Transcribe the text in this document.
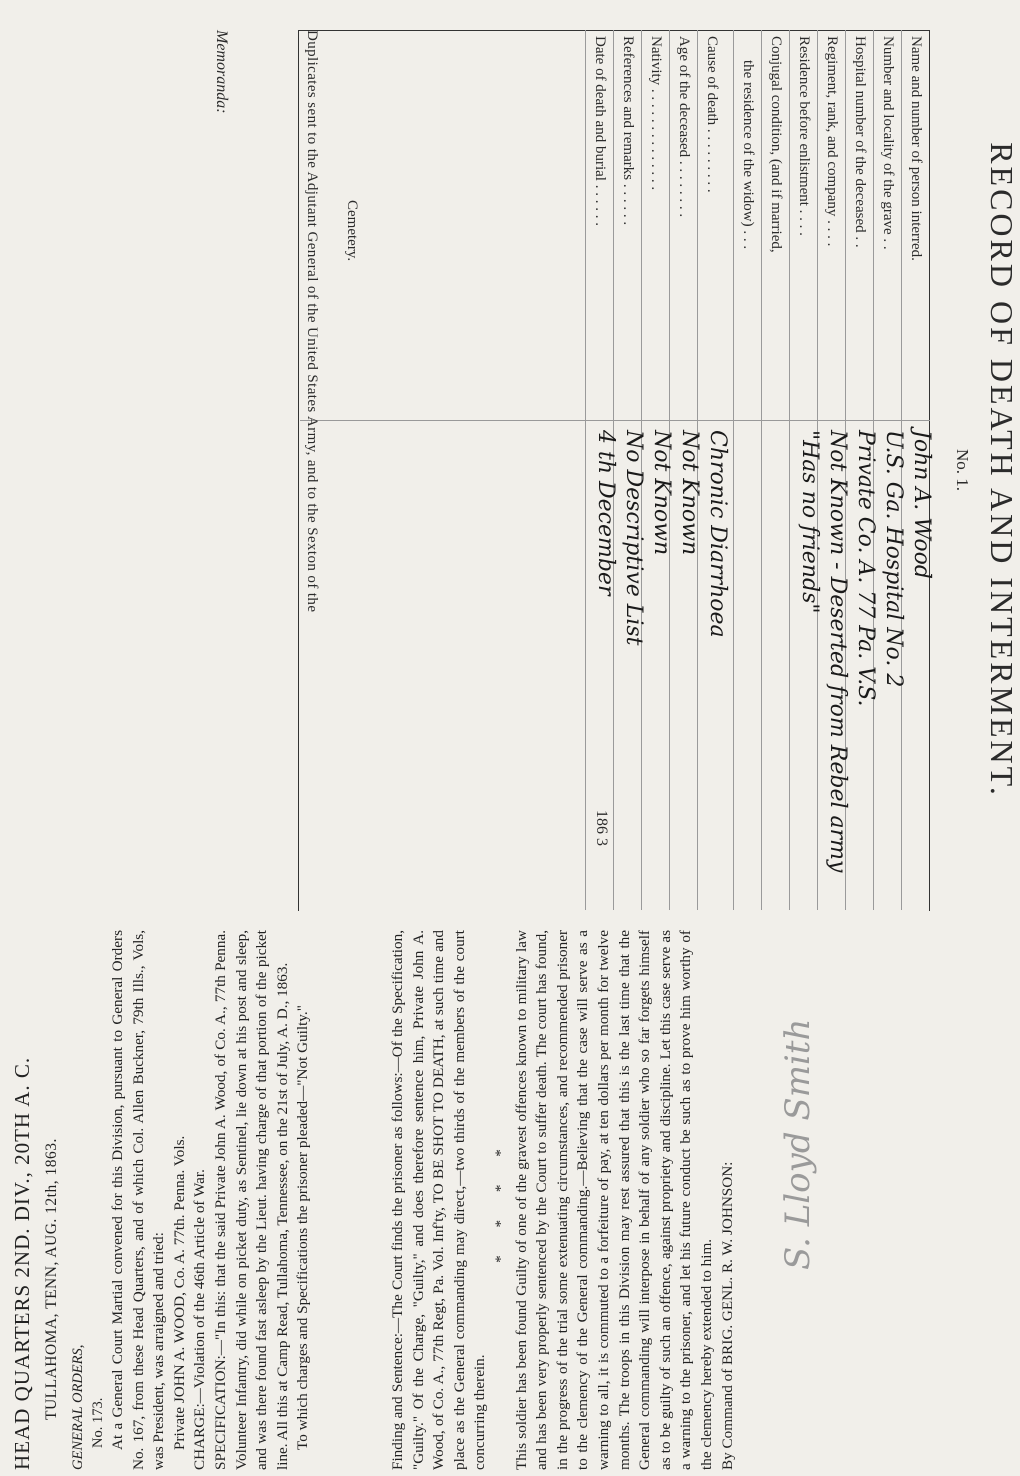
RECORD OF DEATH AND INTERMENT.
No. 1.
Name and number of person interred.
John A. Wood
Number and locality of the grave . .
U.S. Ga. Hospital No. 2
Hospital number of the deceased . .
Private Co. A. 77 Pa. V.S.
Regiment, rank, and company . . . .
Not Known - Deserted from Rebel army
Residence before enlistment . . . .
"Has no friends"
Conjugal condition, (and if married,
the residence of the widow) . . .
Cause of death . . . . . . . . .
Chronic Diarrhoea
Age of the deceased . . . . . . . .
Not Known
Nativity . . . . . . . . . . . . . .
Not Known
References and remarks . . . . . .
No Descriptive List
Date of death and burial . . . . . .
4 th December
186 3
Cemetery.
Duplicates sent to the Adjutant General of the United States Army, and to the Sexton of the
Memoranda:
HEAD QUARTERS 2ND. DIV., 20TH A. C. TULLAHOMA, TENN, AUG. 12th, 1863. GENERAL ORDERS, No. 173. At a General Court Martial convened for this Division, pursuant to General Orders No. 167, from these Head Quarters, and of which Col. Allen Buckner, 79th Ills., Vols, was President, was arraigned and tried: Private JOHN A. WOOD, Co. A. 77th. Penna. Vols. CHARGE:—Violation of the 46th Article of War. SPECIFICATION:—"In this: that the said Private John A. Wood, of Co. A., 77th Penna. Volunteer Infantry, did while on picket duty, as Sentinel, lie down at his post and sleep, and was there found fast asleep by the Lieut. having charge of that portion of the picket line. All this at Camp Read, Tullahoma, Tennessee, on the 21st of July, A. D., 1863. To which charges and Specifications the prisoner pleaded—"Not Guilty."	Finding and Sentence:—The Court finds the prisoner as follows:—Of the Specification, "Guilty." Of the Charge, "Guilty," and does therefore sentence him, Private John A. Wood, of Co. A., 77th Regt, Pa. Vol. Inf'ty, TO BE SHOT TO DEATH, at such time and place as the General commanding may direct,—two thirds of the members of the court concurring therein.

* * * * This soldier has been found Guilty of one of the gravest offences known to military law and has been very properly sentenced by the Court to suffer death. The court has found, in the progress of the trial some extenuating circumstances, and recommended prisoner to the clemency of the General commanding.—Believing that the case will serve as a warning to all, it is commuted to a forfeiture of pay, at ten dollars per month for twelve months. The troops in this Division may rest assured that this is the last time that the General commanding will interpose in behalf of any soldier who so far forgets himself as to be guilty of such an offence, against propriety and discipline. Let this case serve as a warning to the prisoner, and let his future conduct be such as to prove him worthy of the clemency hereby extended to him. By Command of BRIG. GENL. R. W. JOHNSON:

S. Lloyd Smith
